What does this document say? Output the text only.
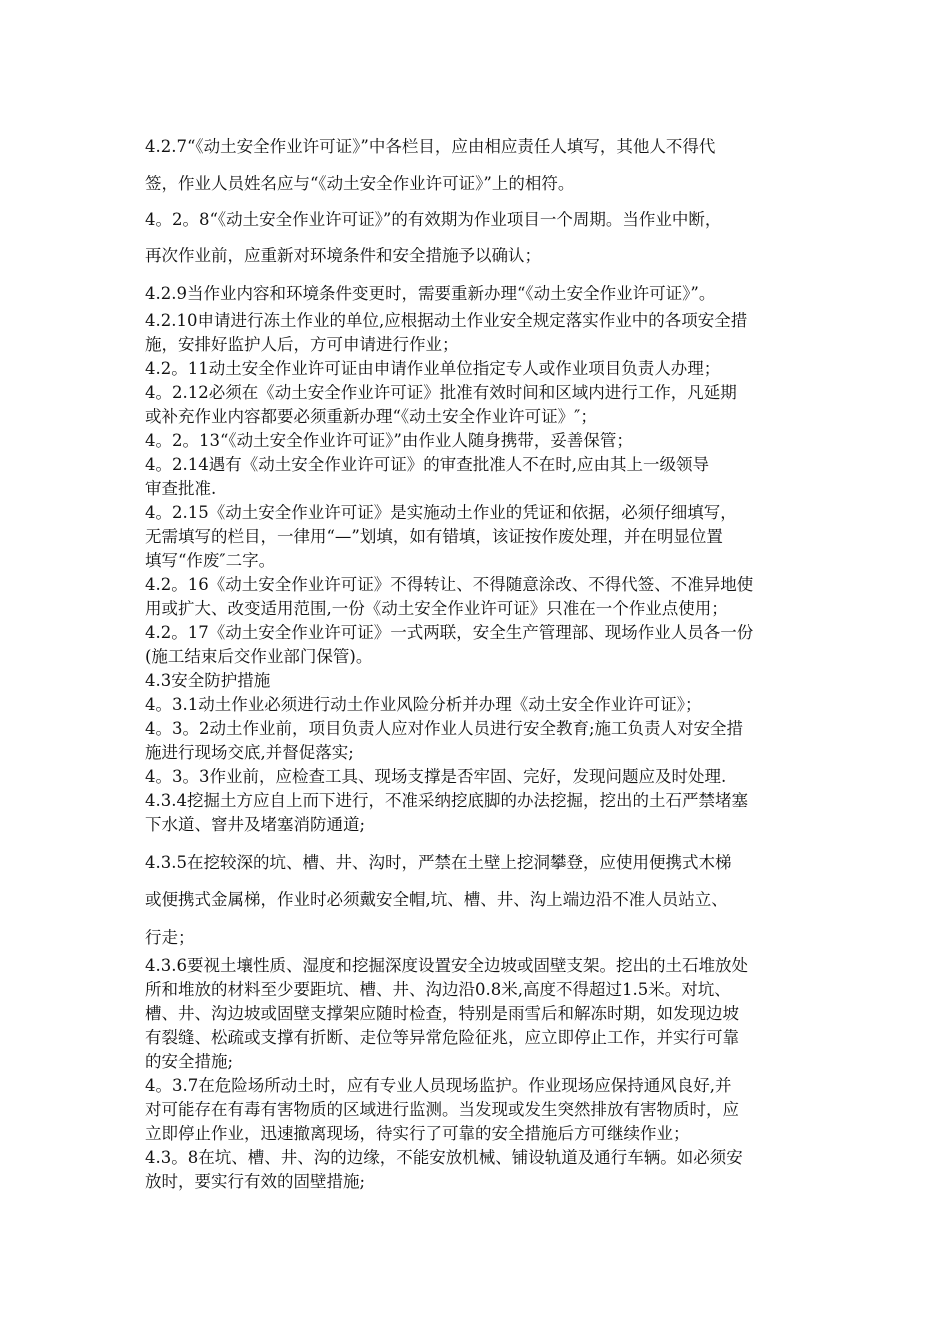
4.2.7“《动土安全作业许可证》”中各栏目，应由相应责任人填写，其他人不得代
签，作业人员姓名应与“《动土安全作业许可证》”上的相符。
4。2。8“《动土安全作业许可证》”的有效期为作业项目一个周期。当作业中断，
再次作业前，应重新对环境条件和安全措施予以确认；
4.2.9当作业内容和环境条件变更时，需要重新办理“《动土安全作业许可证》”。
4.2.10申请进行冻土作业的单位,应根据动土作业安全规定落实作业中的各项安全措
施，安排好监护人后，方可申请进行作业；
4.2。11动土安全作业许可证由申请作业单位指定专人或作业项目负责人办理；
4。2.12必须在《动土安全作业许可证》批准有效时间和区域内进行工作，凡延期
或补充作业内容都要必须重新办理“《动土安全作业许可证》″；
4。2。13“《动土安全作业许可证》”由作业人随身携带，妥善保管；
4。2.14遇有《动土安全作业许可证》的审查批准人不在时,应由其上一级领导
审查批准.
4。2.15《动土安全作业许可证》是实施动土作业的凭证和依据，必须仔细填写，
无需填写的栏目，一律用“—”划填，如有错填，该证按作废处理，并在明显位置
填写“作废″二字。
4.2。16《动土安全作业许可证》不得转让、不得随意涂改、不得代签、不准异地使
用或扩大、改变适用范围,一份《动土安全作业许可证》只准在一个作业点使用；
4.2。17《动土安全作业许可证》一式两联，安全生产管理部、现场作业人员各一份
(施工结束后交作业部门保管)。
4.3安全防护措施
4。3.1动土作业必须进行动土作业风险分析并办理《动土安全作业许可证》；
4。3。2动土作业前，项目负责人应对作业人员进行安全教育;施工负责人对安全措
施进行现场交底,并督促落实;
4。3。3作业前，应检查工具、现场支撑是否牢固、完好，发现问题应及时处理.
4.3.4挖掘土方应自上而下进行，不准采纳挖底脚的办法挖掘，挖出的土石严禁堵塞
下水道、窨井及堵塞消防通道;
4.3.5在挖较深的坑、槽、井、沟时，严禁在土壁上挖洞攀登，应使用便携式木梯
或便携式金属梯，作业时必须戴安全帽,坑、槽、井、沟上端边沿不准人员站立、
行走；
4.3.6要视土壤性质、湿度和挖掘深度设置安全边坡或固壁支架。挖出的土石堆放处
所和堆放的材料至少要距坑、槽、井、沟边沿0.8米,高度不得超过1.5米。对坑、
槽、井、沟边坡或固壁支撑架应随时检查，特别是雨雪后和解冻时期，如发现边坡
有裂缝、松疏或支撑有折断、走位等异常危险征兆，应立即停止工作，并实行可靠
的安全措施;
4。3.7在危险场所动土时，应有专业人员现场监护。作业现场应保持通风良好,并
对可能存在有毒有害物质的区域进行监测。当发现或发生突然排放有害物质时，应
立即停止作业，迅速撤离现场，待实行了可靠的安全措施后方可继续作业；
4.3。8在坑、槽、井、沟的边缘，不能安放机械、铺设轨道及通行车辆。如必须安
放时，要实行有效的固壁措施;
